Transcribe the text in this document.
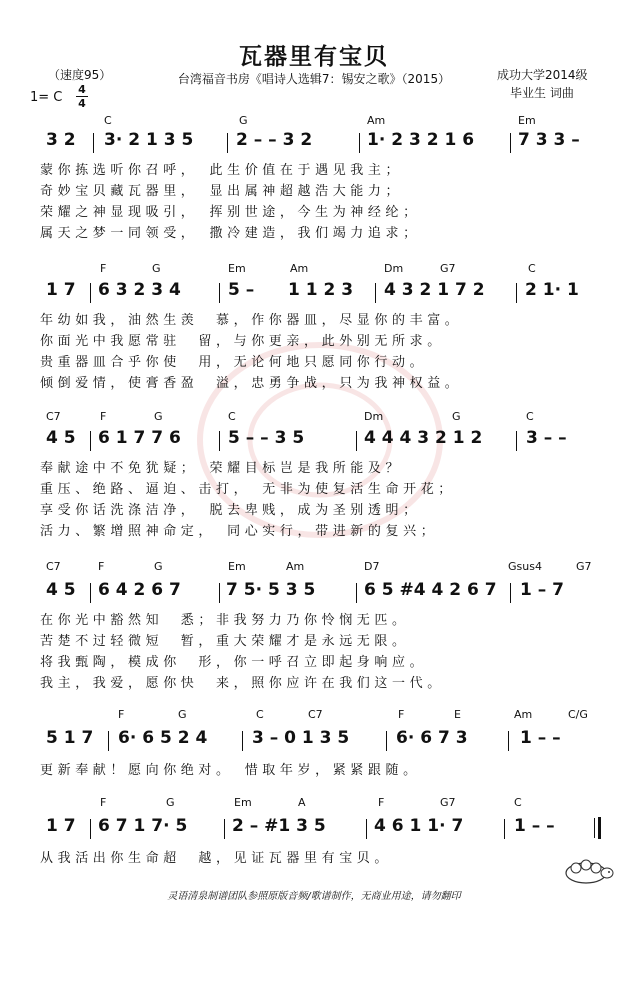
瓦器里有宝贝
（速度95）	台湾福音书房《唱诗人选辑7：锡安之歌》（2015）	成功大学2014级
毕业生 词曲
1= C
4
4
C	G	Am	Em
3 2 3· 2 1 3 5	2 – – 3 2	1· 2 3 2 1 6	7 3 3 –
蒙你拣选听你召呼，　此生价值在于遇见我主；
奇妙宝贝藏瓦器里，　显出属神超越浩大能力；
荣耀之神显现吸引，　挥别世途，今生为神经纶；
属天之梦一同领受，　撒冷建造，我们竭力追求；
F	G	Em	Am	Dm	G7	C
1 7 6 3 2 3 4	5 – 1 1 2 3 4 3 2 1 7 2 2 1· 1
年幼如我，油然生羡　慕，作你器皿，尽显你的丰富。
你面光中我愿常驻　留，与你更亲，此外别无所求。
贵重器皿合乎你使　用，无论何地只愿同你行动。
倾倒爱情，使膏香盈　溢，忠勇争战，只为我神权益。
C7	F	G	C	Dm	G	C
4 5 6 1 7 7 6	5 – – 3 5	4 4 4 3 2 1 2	3 – –
奉献途中不免犹疑；　荣耀目标岂是我所能及？
重压、绝路、逼迫、击打，　无非为使复活生命开花；
享受你话洗涤洁净，　脱去卑贱，成为圣别透明；
活力、繁增照神命定，　同心实行，带进新的复兴；
C7	F	G	Em	Am	D7	Gsus4	G7
4 5 6 4 2 6 7	7 5· 5 3 5	6 5 #4 4 2 6 7 1 – 7
在你光中豁然知　悉；非我努力乃你怜悯无匹。
苦楚不过轻微短　暂，重大荣耀才是永远无限。
将我甄陶，模成你　形，你一呼召立即起身响应。
我主，我爱，愿你快　来，照你应许在我们这一代。
F	G	C	C7	F	E	Am	C/G
5 1 7 6· 6 5 2 4	3 – 0 1 3 5	6· 6 7 3	1 – –
更新奉献！愿向你绝对。　惜取年岁，紧紧跟随。
F	G	Em	A	F	G7	C
1 7 6 7 1 7· 5	2 – #1 3 5	4 6 1 1· 7	1 – –
从我活出你生命超　越，见证瓦器里有宝贝。
灵语清泉制谱团队参照原版音频/歌谱制作，无商业用途，请勿翻印
